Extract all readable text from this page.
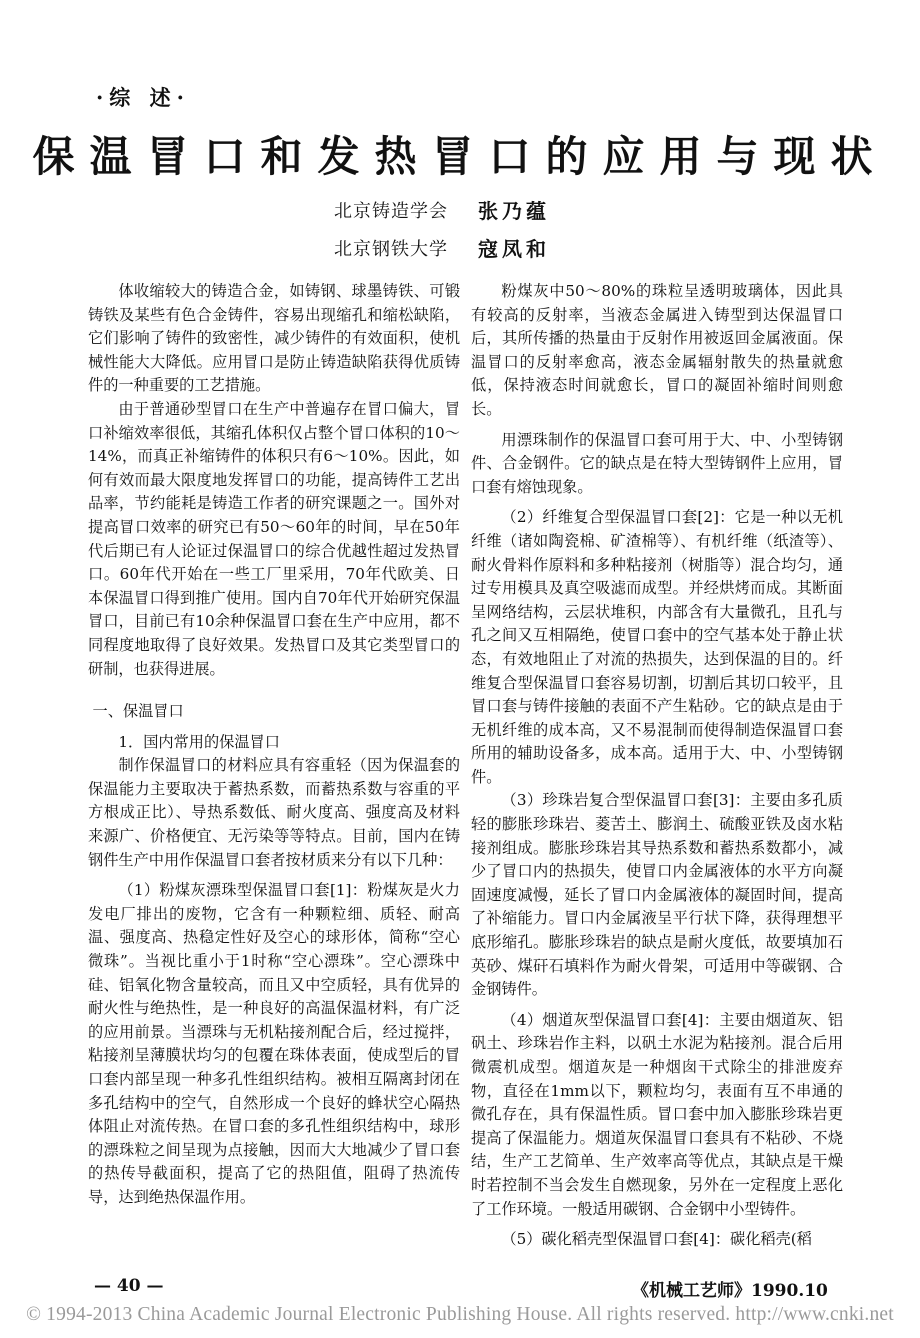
·综 述·
保温冒口和发热冒口的应用与现状
北京铸造学会 张乃蕴
北京钢铁大学 寇凤和

体收缩较大的铸造合金，如铸钢、球墨铸铁、可锻铸铁及某些有色合金铸件，容易出现缩孔和缩松缺陷，它们影响了铸件的致密性，减少铸件的有效面积，使机械性能大大降低。应用冒口是防止铸造缺陷获得优质铸件的一种重要的工艺措施。

由于普通砂型冒口在生产中普遍存在冒口偏大，冒口补缩效率很低，其缩孔体积仅占整个冒口体积的10～14%，而真正补缩铸件的体积只有6～10%。因此，如何有效而最大限度地发挥冒口的功能，提高铸件工艺出品率，节约能耗是铸造工作者的研究课题之一。国外对提高冒口效率的研究已有50～60年的时间，早在50年代后期已有人论证过保温冒口的综合优越性超过发热冒口。60年代开始在一些工厂里采用，70年代欧美、日本保温冒口得到推广使用。国内自70年代开始研究保温冒口，目前已有10余种保温冒口套在生产中应用，都不同程度地取得了良好效果。发热冒口及其它类型冒口的研制，也获得进展。

一、保温冒口

1．国内常用的保温冒口

制作保温冒口的材料应具有容重轻（因为保温套的保温能力主要取决于蓄热系数，而蓄热系数与容重的平方根成正比）、导热系数低、耐火度高、强度高及材料来源广、价格便宜、无污染等等特点。目前，国内在铸钢件生产中用作保温冒口套者按材质来分有以下几种：

（1）粉煤灰漂珠型保温冒口套[1]：粉煤灰是火力发电厂排出的废物，它含有一种颗粒细、质轻、耐高温、强度高、热稳定性好及空心的球形体，简称“空心微珠”。当视比重小于1时称“空心漂珠”。空心漂珠中硅、铝氧化物含量较高，而且又中空质轻，具有优异的耐火性与绝热性，是一种良好的高温保温材料，有广泛的应用前景。当漂珠与无机粘接剂配合后，经过搅拌，粘接剂呈薄膜状均匀的包覆在珠体表面，使成型后的冒口套内部呈现一种多孔性组织结构。被相互隔离封闭在多孔结构中的空气，自然形成一个良好的蜂状空心隔热体阻止对流传热。在冒口套的多孔性组织结构中，球形的漂珠粒之间呈现为点接触，因而大大地减少了冒口套的热传导截面积，提高了它的热阻值，阻碍了热流传导，达到绝热保温作用。

粉煤灰中50～80%的珠粒呈透明玻璃体，因此具有较高的反射率，当液态金属进入铸型到达保温冒口后，其所传播的热量由于反射作用被返回金属液面。保温冒口的反射率愈高，液态金属辐射散失的热量就愈低，保持液态时间就愈长，冒口的凝固补缩时间则愈长。

用漂珠制作的保温冒口套可用于大、中、小型铸钢件、合金钢件。它的缺点是在特大型铸钢件上应用，冒口套有熔蚀现象。

（2）纤维复合型保温冒口套[2]：它是一种以无机纤维（诸如陶瓷棉、矿渣棉等）、有机纤维（纸渣等）、耐火骨料作原料和多种粘接剂（树脂等）混合均匀，通过专用模具及真空吸滤而成型。并经烘烤而成。其断面呈网络结构，云层状堆积，内部含有大量微孔，且孔与孔之间又互相隔绝，使冒口套中的空气基本处于静止状态，有效地阻止了对流的热损失，达到保温的目的。纤维复合型保温冒口套容易切割，切割后其切口较平，且冒口套与铸件接触的表面不产生粘砂。它的缺点是由于无机纤维的成本高，又不易混制而使得制造保温冒口套所用的辅助设备多，成本高。适用于大、中、小型铸钢件。

（3）珍珠岩复合型保温冒口套[3]：主要由多孔质轻的膨胀珍珠岩、菱苦土、膨润土、硫酸亚铁及卤水粘接剂组成。膨胀珍珠岩其导热系数和蓄热系数都小，减少了冒口内的热损失，使冒口内金属液体的水平方向凝固速度减慢，延长了冒口内金属液体的凝固时间，提高了补缩能力。冒口内金属液呈平行状下降，获得理想平底形缩孔。膨胀珍珠岩的缺点是耐火度低，故要填加石英砂、煤矸石填料作为耐火骨架，可适用中等碳钢、合金钢铸件。

（4）烟道灰型保温冒口套[4]：主要由烟道灰、铝矾土、珍珠岩作主料，以矾土水泥为粘接剂。混合后用微震机成型。烟道灰是一种烟囱干式除尘的排泄废弃物，直径在1mm以下，颗粒均匀，表面有互不串通的微孔存在，具有保温性质。冒口套中加入膨胀珍珠岩更提高了保温能力。烟道灰保温冒口套具有不粘砂、不烧结，生产工艺简单、生产效率高等优点，其缺点是干燥时若控制不当会发生自燃现象，另外在一定程度上恶化了工作环境。一般适用碳钢、合金钢中小型铸件。

（5）碳化稻壳型保温冒口套[4]：碳化稻壳(稻

— 40 —	《机械工艺师》1990.10
© 1994-2013 China Academic Journal Electronic Publishing House. All rights reserved. http://www.cnki.net
